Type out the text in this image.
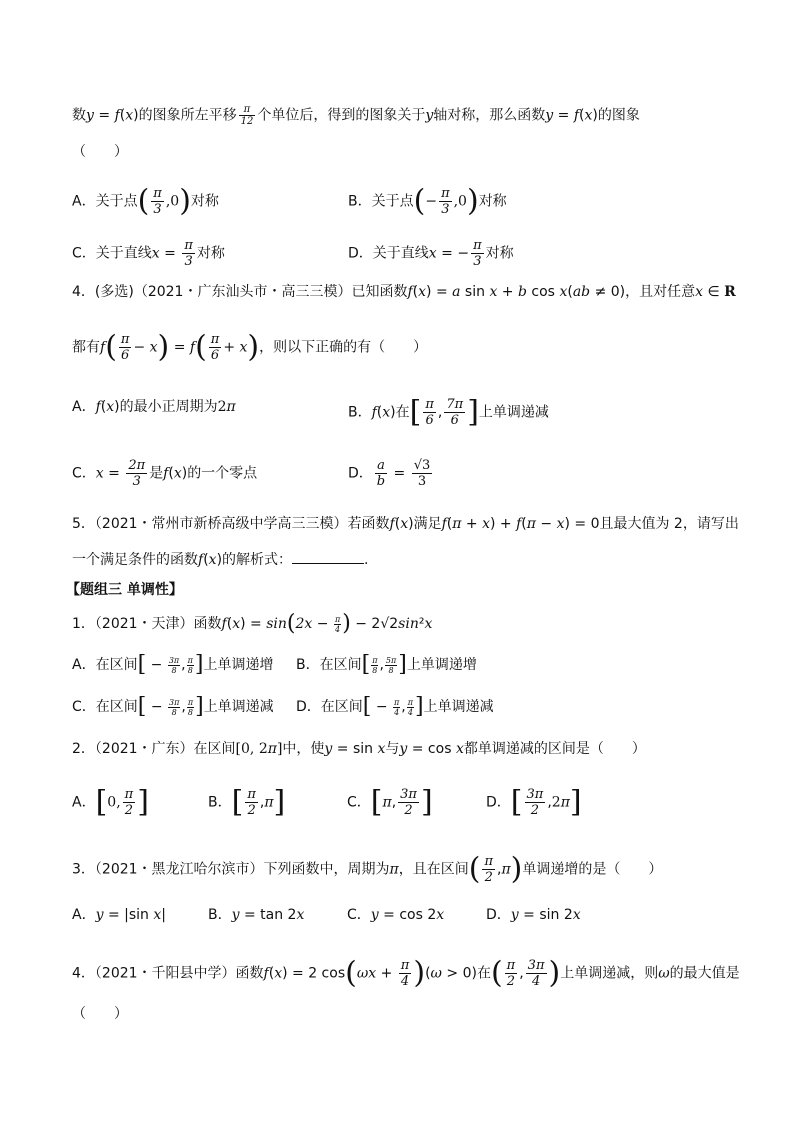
数y = f(x)的图象所左平移 $\frac{\pi}{12}$ 个单位后，得到的图象关于y轴对称，那么函数y = f(x)的图象
（　　）
A．关于点( $\frac{\pi}{3} ,0$)对称	B．关于点(− $\frac{\pi}{3} ,0$)对称
C．关于直线$x = \frac{\pi}{3}$ 对称	D．关于直线x = − $\frac{\pi}{3}$ 对称
4．(多选)（2021・广东汕头市・高三三模）已知函数f(x) = a sin x + b cos x(ab ≠ 0)，且对任意x ∈ R
都有$f( \frac{\pi}{6} - x) = f( \frac{\pi}{6} + x)$，则以下正确的有（　　）
A．f(x)的最小正周期为2π	B．f(x)在[ $\frac{\pi}{6}$ , $\frac{7\pi}{6}$ ]上单调递减
C．$x = \frac{2\pi}{3}$ 是f(x)的一个零点	D． $\frac{a}{b} = \frac{√3}{3}$
5．（2021・常州市新桥高级中学高三三模）若函数f(x)满足f(π + x) + f(π − x) = 0且最大值为 2，请写出
一个满足条件的函数f(x)的解析式：	.
【题组三 单调性】
1．（2021・天津）函数$f(x) = \sin(2x - \frac{\pi}{4}$ ) − 2√2sin²x
A．在区间[ − $\frac{3\pi}{8}$ , $\frac{\pi}{8}$ ]上单调递增 B．在区间[ $\frac{\pi}{8}$ , $\frac{5\pi}{8}$ ]上单调递增
C．在区间[ − $\frac{3\pi}{8}$ , $\frac{\pi}{8}$ ]上单调递减 D．在区间[ − $\frac{\pi}{4}$ , $\frac{\pi}{4}$ ]上单调递减
2．（2021・广东）在区间[0, 2π]中，使y = sin x与y = cos x都单调递减的区间是（　　）
A．[0, $\frac{\pi}{2}$ ]	B．[ $\frac{\pi}{2} ,\pi$]	C．[π, $\frac{3\pi}{2}$ ]	D．[ $\frac{3\pi}{2} ,2\pi$]
3．（2021・黑龙江哈尔滨市）下列函数中，周期为π，且在区间( $\frac{\pi}{2} ,\pi$)单调递增的是（　　）
A．y = |sin x|	B．y = tan 2x	C．y = cos 2x	D．y = sin 2x
4．（2021・千阳县中学）函数f(x) = 2 $\cos(\omega x + \frac{\pi}{4} )(\omega > 0)$在( $\frac{\pi}{2}$ , $\frac{3\pi}{4}$ )上单调递减，则ω的最大值是
（　　）
